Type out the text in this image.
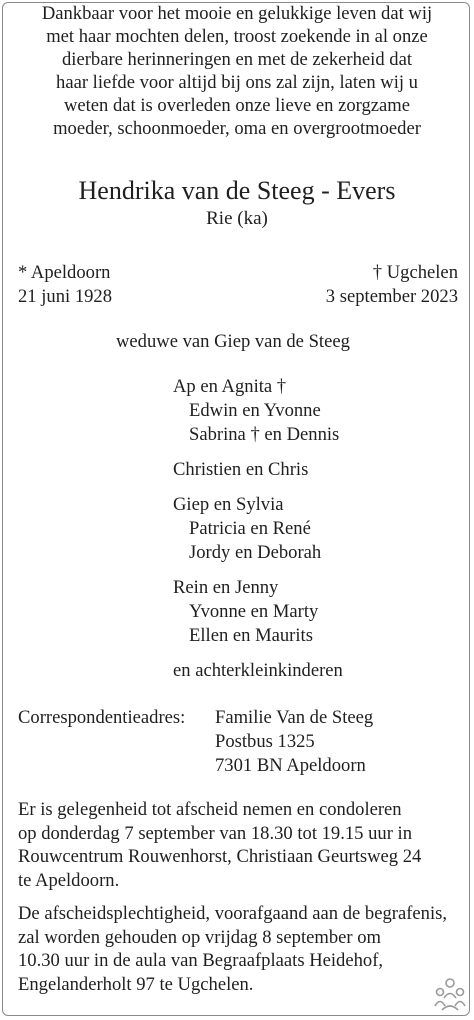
Dankbaar voor het mooie en gelukkige leven dat wij
met haar mochten delen, troost zoekende in al onze
dierbare herinneringen en met de zekerheid dat
haar liefde voor altijd bij ons zal zijn, laten wij u
weten dat is overleden onze lieve en zorgzame
moeder, schoonmoeder, oma en overgrootmoeder
Hendrika van de Steeg - Evers
Rie (ka)
* Apeldoorn
21 juni 1928
† Ugchelen
3 september 2023
weduwe van Giep van de Steeg
Ap en Agnita †
Edwin en Yvonne
Sabrina † en Dennis
Christien en Chris
Giep en Sylvia
Patricia en René
Jordy en Deborah
Rein en Jenny
Yvonne en Marty
Ellen en Maurits
en achterkleinkinderen
Correspondentieadres: Familie Van de Steeg
Postbus 1325
7301 BN Apeldoorn
Er is gelegenheid tot afscheid nemen en condoleren
op donderdag 7 september van 18.30 tot 19.15 uur in
Rouwcentrum Rouwenhorst, Christiaan Geurtsweg 24
te Apeldoorn.
De afscheidsplechtigheid, voorafgaand aan de begrafenis,
zal worden gehouden op vrijdag 8 september om
10.30 uur in de aula van Begraafplaats Heidehof,
Engelanderholt 97 te Ugchelen.
